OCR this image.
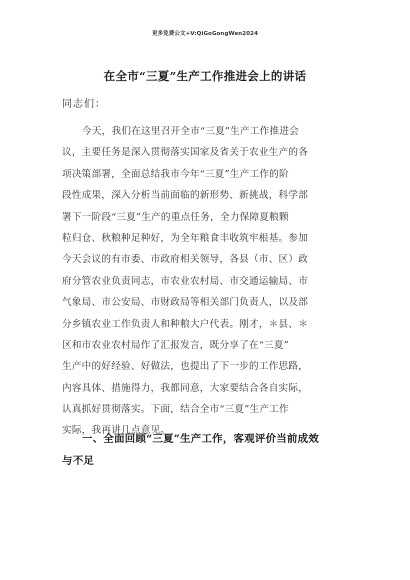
更多免费公文+V:QiGoGongWen2024
在全市“三夏”生产工作推进会上的讲话
同志们：
今天，我们在这里召开全市“三夏”生产工作推进会
议，主要任务是深入贯彻落实国家及省关于农业生产的各
项决策部署，全面总结我市今年“三夏”生产工作的阶
段性成果，深入分析当前面临的新形势、新挑战，科学部
署下一阶段“三夏”生产的重点任务，全力保障夏粮颗
粒归仓、秋粮种足种好，为全年粮食丰收筑牢根基。参加
今天会议的有市委、市政府相关领导，各县（市、区）政
府分管农业负责同志，市农业农村局、市交通运输局、市
气象局、市公安局、市财政局等相关部门负责人，以及部
分乡镇农业工作负责人和种粮大户代表。刚才，＊县、＊
区和市农业农村局作了汇报发言，既分享了在“三夏”
生产中的好经验、好做法，也提出了下一步的工作思路，
内容具体、措施得力，我都同意，大家要结合各自实际，
认真抓好贯彻落实。下面，结合全市“三夏”生产工作
实际，我再讲几点意见。
一、全面回顾“三夏”生产工作，客观评价当前成效
与不足
